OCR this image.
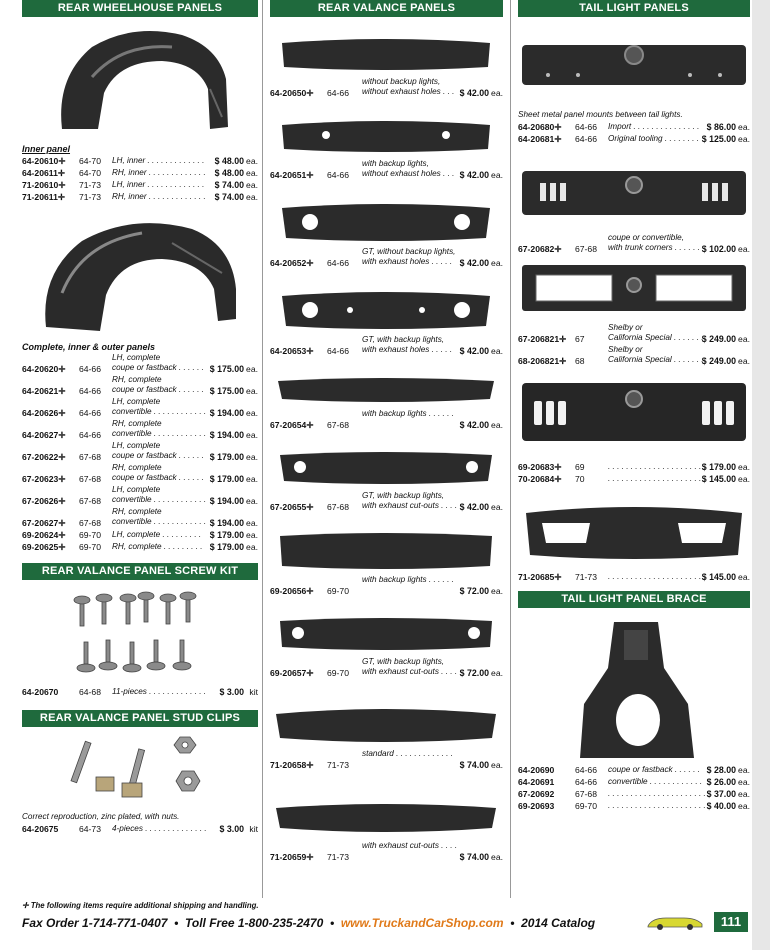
REAR WHEELHOUSE PANELS
Inner panel
64-20610✛ 64-70 LH, inner . . . . . . . . . . . . . $ 48.00 ea.
64-20611✛ 64-70 RH, inner . . . . . . . . . . . . . $ 48.00 ea.
71-20610✛ 71-73 LH, inner . . . . . . . . . . . . . $ 74.00 ea.
71-20611✛ 71-73 RH, inner . . . . . . . . . . . . . $ 74.00 ea.
Complete, inner & outer panels
64-20620✛ 64-66
LH, complete
coupe or fastback . . . . . . $ 175.00 ea.
64-20621✛ 64-66
RH, complete
coupe or fastback . . . . . . $ 175.00 ea.
64-20626✛ 64-66
LH, complete
convertible . . . . . . . . . . . . $ 194.00 ea.
64-20627✛ 64-66
RH, complete
convertible . . . . . . . . . . . . $ 194.00 ea.
67-20622✛ 67-68
LH, complete
coupe or fastback . . . . . . $ 179.00 ea.
67-20623✛ 67-68
RH, complete
coupe or fastback . . . . . . $ 179.00 ea.
67-20626✛ 67-68
LH, complete
convertible . . . . . . . . . . . . $ 194.00 ea.
67-20627✛ 67-68
RH, complete
convertible . . . . . . . . . . . . $ 194.00 ea.
69-20624✛ 69-70 LH, complete . . . . . . . . . $ 179.00 ea.
69-20625✛ 69-70 RH, complete . . . . . . . . . $ 179.00 ea.
REAR VALANCE PANEL SCREW KIT
64-20670 64-68 11-pieces . . . . . . . . . . . . . $ 3.00 kit
REAR VALANCE PANEL STUD CLIPS
Correct reproduction, zinc plated, with nuts.
64-20675 64-73 4-pieces . . . . . . . . . . . . . . $ 3.00 kit
REAR VALANCE PANELS
64-20650✛ 64-66
without backup lights,
without exhaust holes . . . $ 42.00 ea.
64-20651✛ 64-66
with backup lights,
without exhaust holes . . . $ 42.00 ea.
64-20652✛ 64-66
GT, without backup lights,
with exhaust holes . . . . . $ 42.00 ea.
64-20653✛ 64-66
GT, with backup lights,
with exhaust holes . . . . . $ 42.00 ea.
67-20654✛ 67-68
with backup lights . . . . . .
$ 42.00 ea.
67-20655✛ 67-68
GT, with backup lights,
with exhaust cut-outs . . . . $ 42.00 ea.
69-20656✛ 69-70
with backup lights . . . . . .
$ 72.00 ea.
69-20657✛ 69-70
GT, with backup lights,
with exhaust cut-outs . . . . $ 72.00 ea.
71-20658✛ 71-73
standard . . . . . . . . . . . . .
$ 74.00 ea.
71-20659✛ 71-73
with exhaust cut-outs . . . .
$ 74.00 ea.
TAIL LIGHT PANELS
Sheet metal panel mounts between tail lights.
64-20680✛ 64-66 Import . . . . . . . . . . . . . . . $ 86.00 ea.
64-20681✛ 64-66 Original tooling . . . . . . . . $ 125.00 ea.
67-20682✛ 67-68
coupe or convertible,
with trunk corners . . . . . . $ 102.00 ea.
67-206821✛ 67
Shelby or
California Special . . . . . . .
$ 249.00 ea.
68-206821✛ 68
Shelby or
California Special . . . . . . .
$ 249.00 ea.
69-20683✛ 69	. . . . . . . . . . . . . . . . . . . . . .
$ 179.00 ea.
70-20684✛ 70	. . . . . . . . . . . . . . . . . . . . . .
$ 145.00 ea.
71-20685✛ 71-73 . . . . . . . . . . . . . . . . . . . . . .
$ 145.00 ea.
TAIL LIGHT PANEL BRACE
64-20690 64-66 coupe or fastback . . . . . . $ 28.00 ea.
64-20691 64-66 convertible . . . . . . . . . . . . $ 26.00 ea.
67-20692 67-68 . . . . . . . . . . . . . . . . . . . . . . $ 37.00 ea.
69-20693 69-70 . . . . . . . . . . . . . . . . . . . . . . $ 40.00 ea.
✛ The following items require additional shipping and handling.
Fax Order 1-714-771-0407 • Toll Free 1-800-235-2470 • www.TruckandCarShop.com • 2014 Catalog	111
